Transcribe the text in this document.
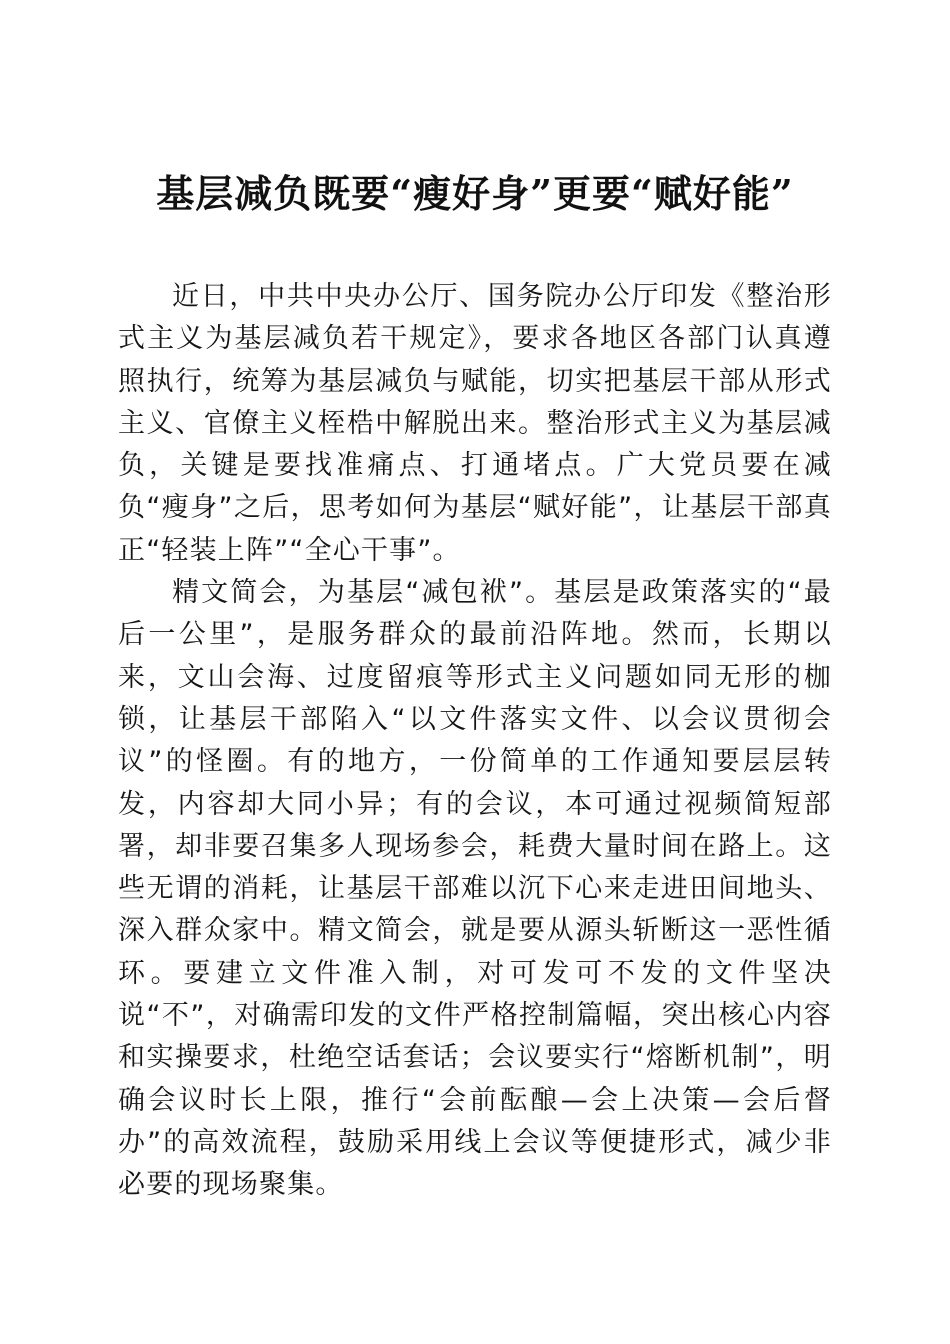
基层减负既要“瘦好身”更要“赋好能”

近日，中共中央办公厅、国务院办公厅印发《整治形式主义为基层减负若干规定》，要求各地区各部门认真遵照执行，统筹为基层减负与赋能，切实把基层干部从形式主义、官僚主义桎梏中解脱出来。整治形式主义为基层减负，关键是要找准痛点、打通堵点。广大党员要在减负“瘦身”之后，思考如何为基层“赋好能”，让基层干部真正“轻装上阵”“全心干事”。

精文简会，为基层“减包袱”。基层是政策落实的“最后一公里”，是服务群众的最前沿阵地。然而，长期以来，文山会海、过度留痕等形式主义问题如同无形的枷锁，让基层干部陷入“以文件落实文件、以会议贯彻会议”的怪圈。有的地方，一份简单的工作通知要层层转发，内容却大同小异；有的会议，本可通过视频简短部署，却非要召集多人现场参会，耗费大量时间在路上。这些无谓的消耗，让基层干部难以沉下心来走进田间地头、深入群众家中。精文简会，就是要从源头斩断这一恶性循环。要建立文件准入制，对可发可不发的文件坚决说“不”，对确需印发的文件严格控制篇幅，突出核心内容和实操要求，杜绝空话套话；会议要实行“熔断机制”，明确会议时长上限，推行“会前酝酿—会上决策—会后督办”的高效流程，鼓励采用线上会议等便捷形式，减少非必要的现场聚集。
